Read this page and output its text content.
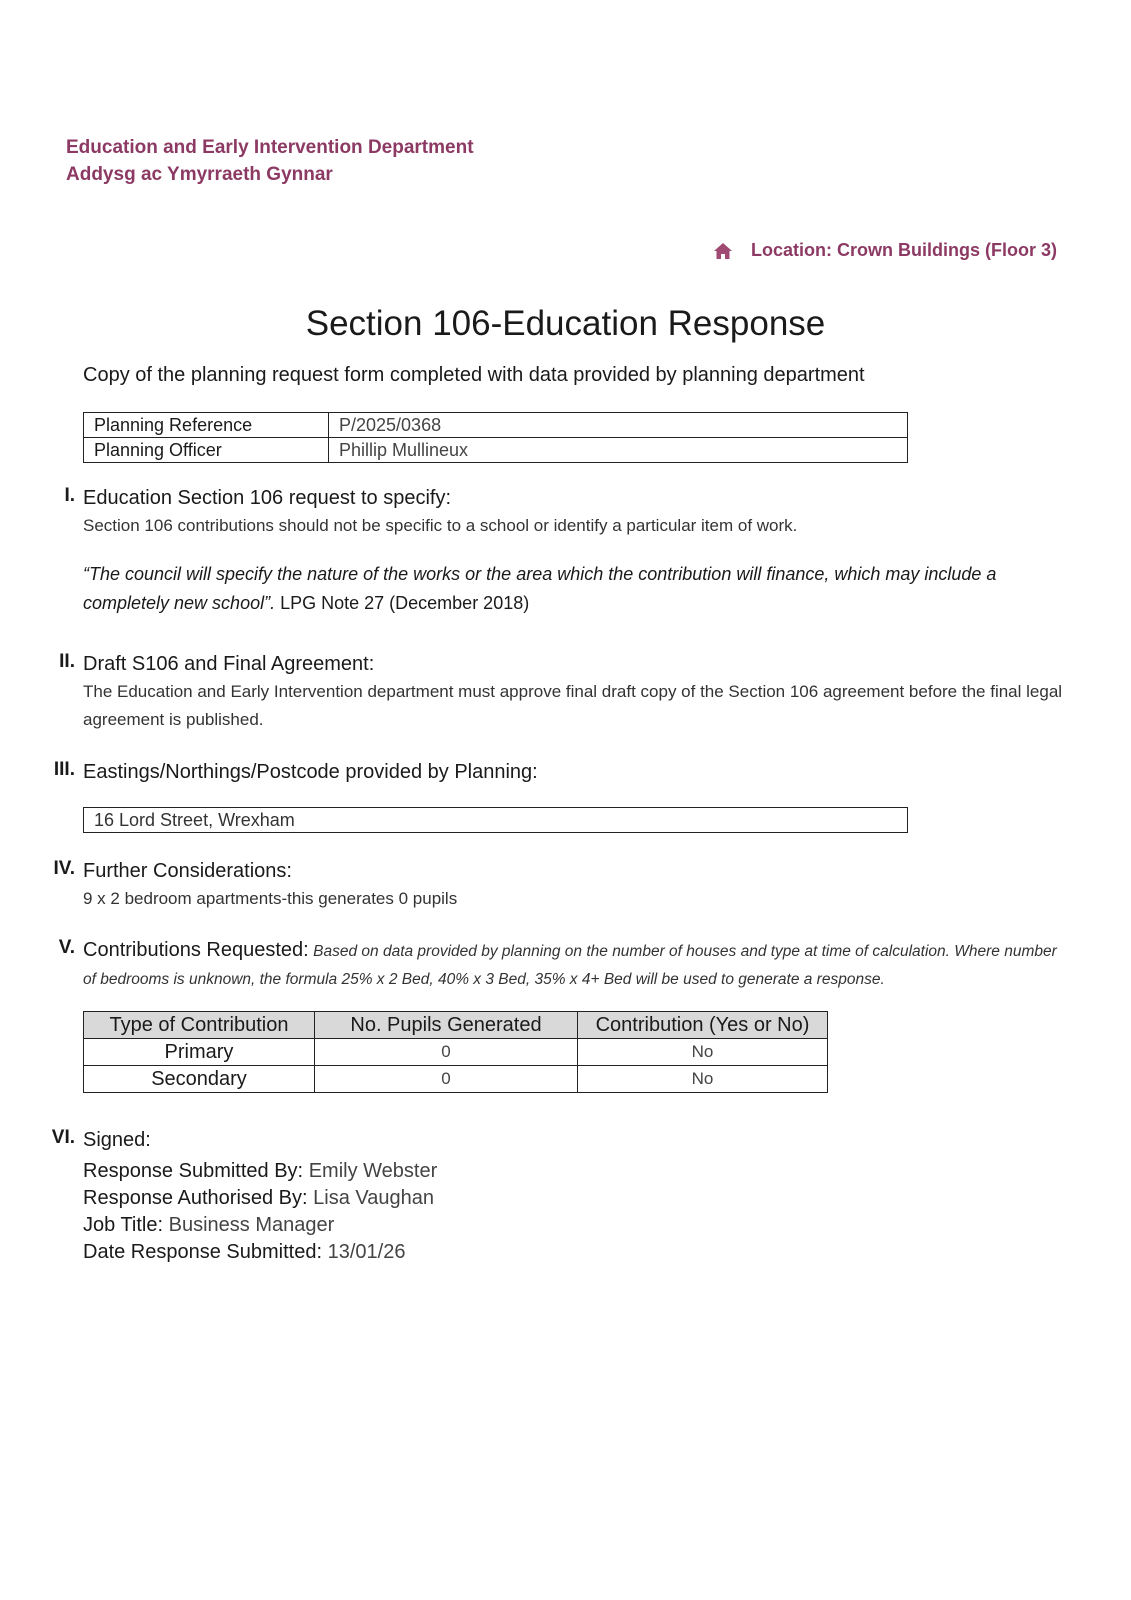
Education and Early Intervention Department
Addysg ac Ymyrraeth Gynnar
Location: Crown Buildings (Floor 3)
Section 106-Education Response
Copy of the planning request form completed with data provided by planning department
Planning Reference	P/2025/0368
Planning Officer	Phillip Mullineux
I. Education Section 106 request to specify:
Section 106 contributions should not be specific to a school or identify a particular item of work.
“The council will specify the nature of the works or the area which the contribution will finance, which may include a completely new school”. LPG Note 27 (December 2018)
II. Draft S106 and Final Agreement:
The Education and Early Intervention department must approve final draft copy of the Section 106 agreement before the final legal agreement is published.
III. Eastings/Northings/Postcode provided by Planning:
16 Lord Street, Wrexham
IV. Further Considerations:
9 x 2 bedroom apartments-this generates 0 pupils
V. Contributions Requested: Based on data provided by planning on the number of houses and type at time of calculation. Where number of bedrooms is unknown, the formula 25% x 2 Bed, 40% x 3 Bed, 35% x 4+ Bed will be used to generate a response.
Type of Contribution	No. Pupils Generated	Contribution (Yes or No)
Primary	0	No
Secondary	0	No
VI. Signed:
Response Submitted By: Emily Webster
Response Authorised By: Lisa Vaughan
Job Title: Business Manager
Date Response Submitted: 13/01/26
